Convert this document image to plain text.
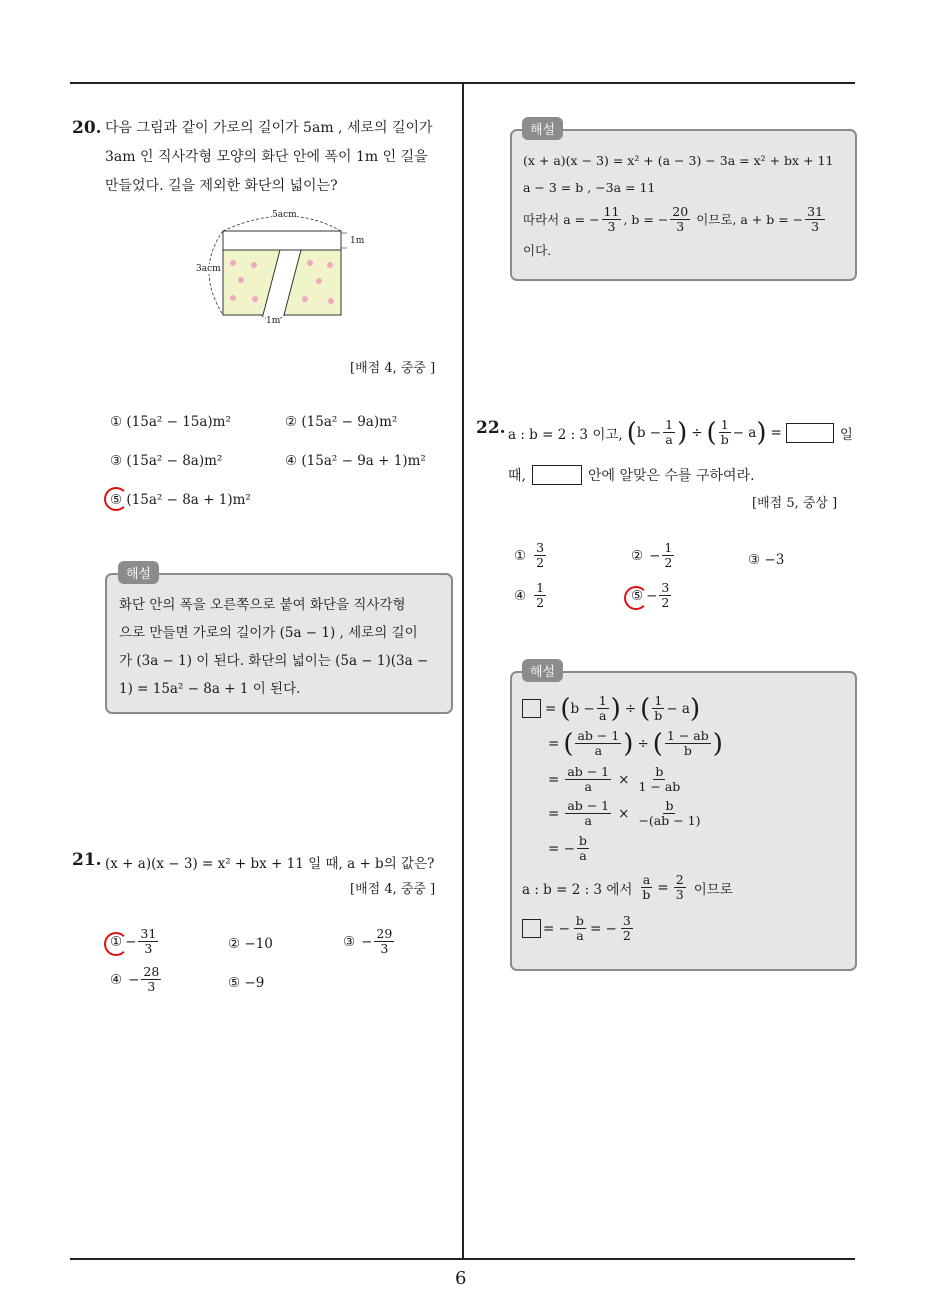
6
20. 다음 그림과 같이 가로의 길이가 5am , 세로의 길이가
3am 인 직사각형 모양의 화단 안에 폭이 1m 인 길을
만들었다. 길을 제외한 화단의 넓이는?
5acm
3acm
1m
1m
[배점 4, 중중 ]
① (15a² − 15a)m²	② (15a² − 9a)m²
③ (15a² − 8a)m²	④ (15a² − 9a + 1)m²
⑤ (15a² − 8a + 1)m²
화단 안의 폭을 오른쪽으로 붙여 화단을 직사각형
으로 만들면 가로의 길이가 (5a − 1) , 세로의 길이
가 (3a − 1) 이 된다. 화단의 넓이는 (5a − 1)(3a −
1) = 15a² − 8a + 1 이 된다.
해설
21. (x + a)(x − 3) = x² + bx + 11 일 때, a + b의 값은?
[배점 4, 중중 ]
① − $\frac{31}{3}$	② −10	③ − $\frac{29}{3}$
④ − $\frac{28}{3}$	⑤ −9
(x + a)(x − 3) = x² + (a − 3) − 3a = x² + bx + 11
a − 3 = b , −3a = 11
따라서 a = − $\frac{11}{3}$ , b = − $\frac{20}{3}$ 이므로, a + b = − $\frac{31}{3}$
이다.
해설
22. a : b = 2 : 3 이고, ( $b - \frac{1}{a}$ ) ÷ ( $\frac{1}{b} - a$ ) =	일
때,	안에 알맞은 수를 구하여라.
[배점 5, 중상 ]
① $\frac{3}{2}$	② − $\frac{1}{2}$	③ −3
④ $\frac{1}{2}$	⑤ − $\frac{3}{2}$
해설
= ( $b - \frac{1}{a}$ ) ÷ ( $\frac{1}{b} - a$ )
= ( $\frac{ab - 1}{a}$ ) ÷ ( $\frac{1 - ab}{b}$ )
= $\frac{ab - 1}{a} \times \frac{b}{1 - ab}$
= $\frac{ab - 1}{a} \times \frac{b}{-(ab - 1)}$
= − $\frac{b}{a}$
a : b = 2 : 3 에서 $\frac{a}{b} = \frac{2}{3}$ 이므로
= − $\frac{b}{a}$ = − $\frac{3}{2}$
